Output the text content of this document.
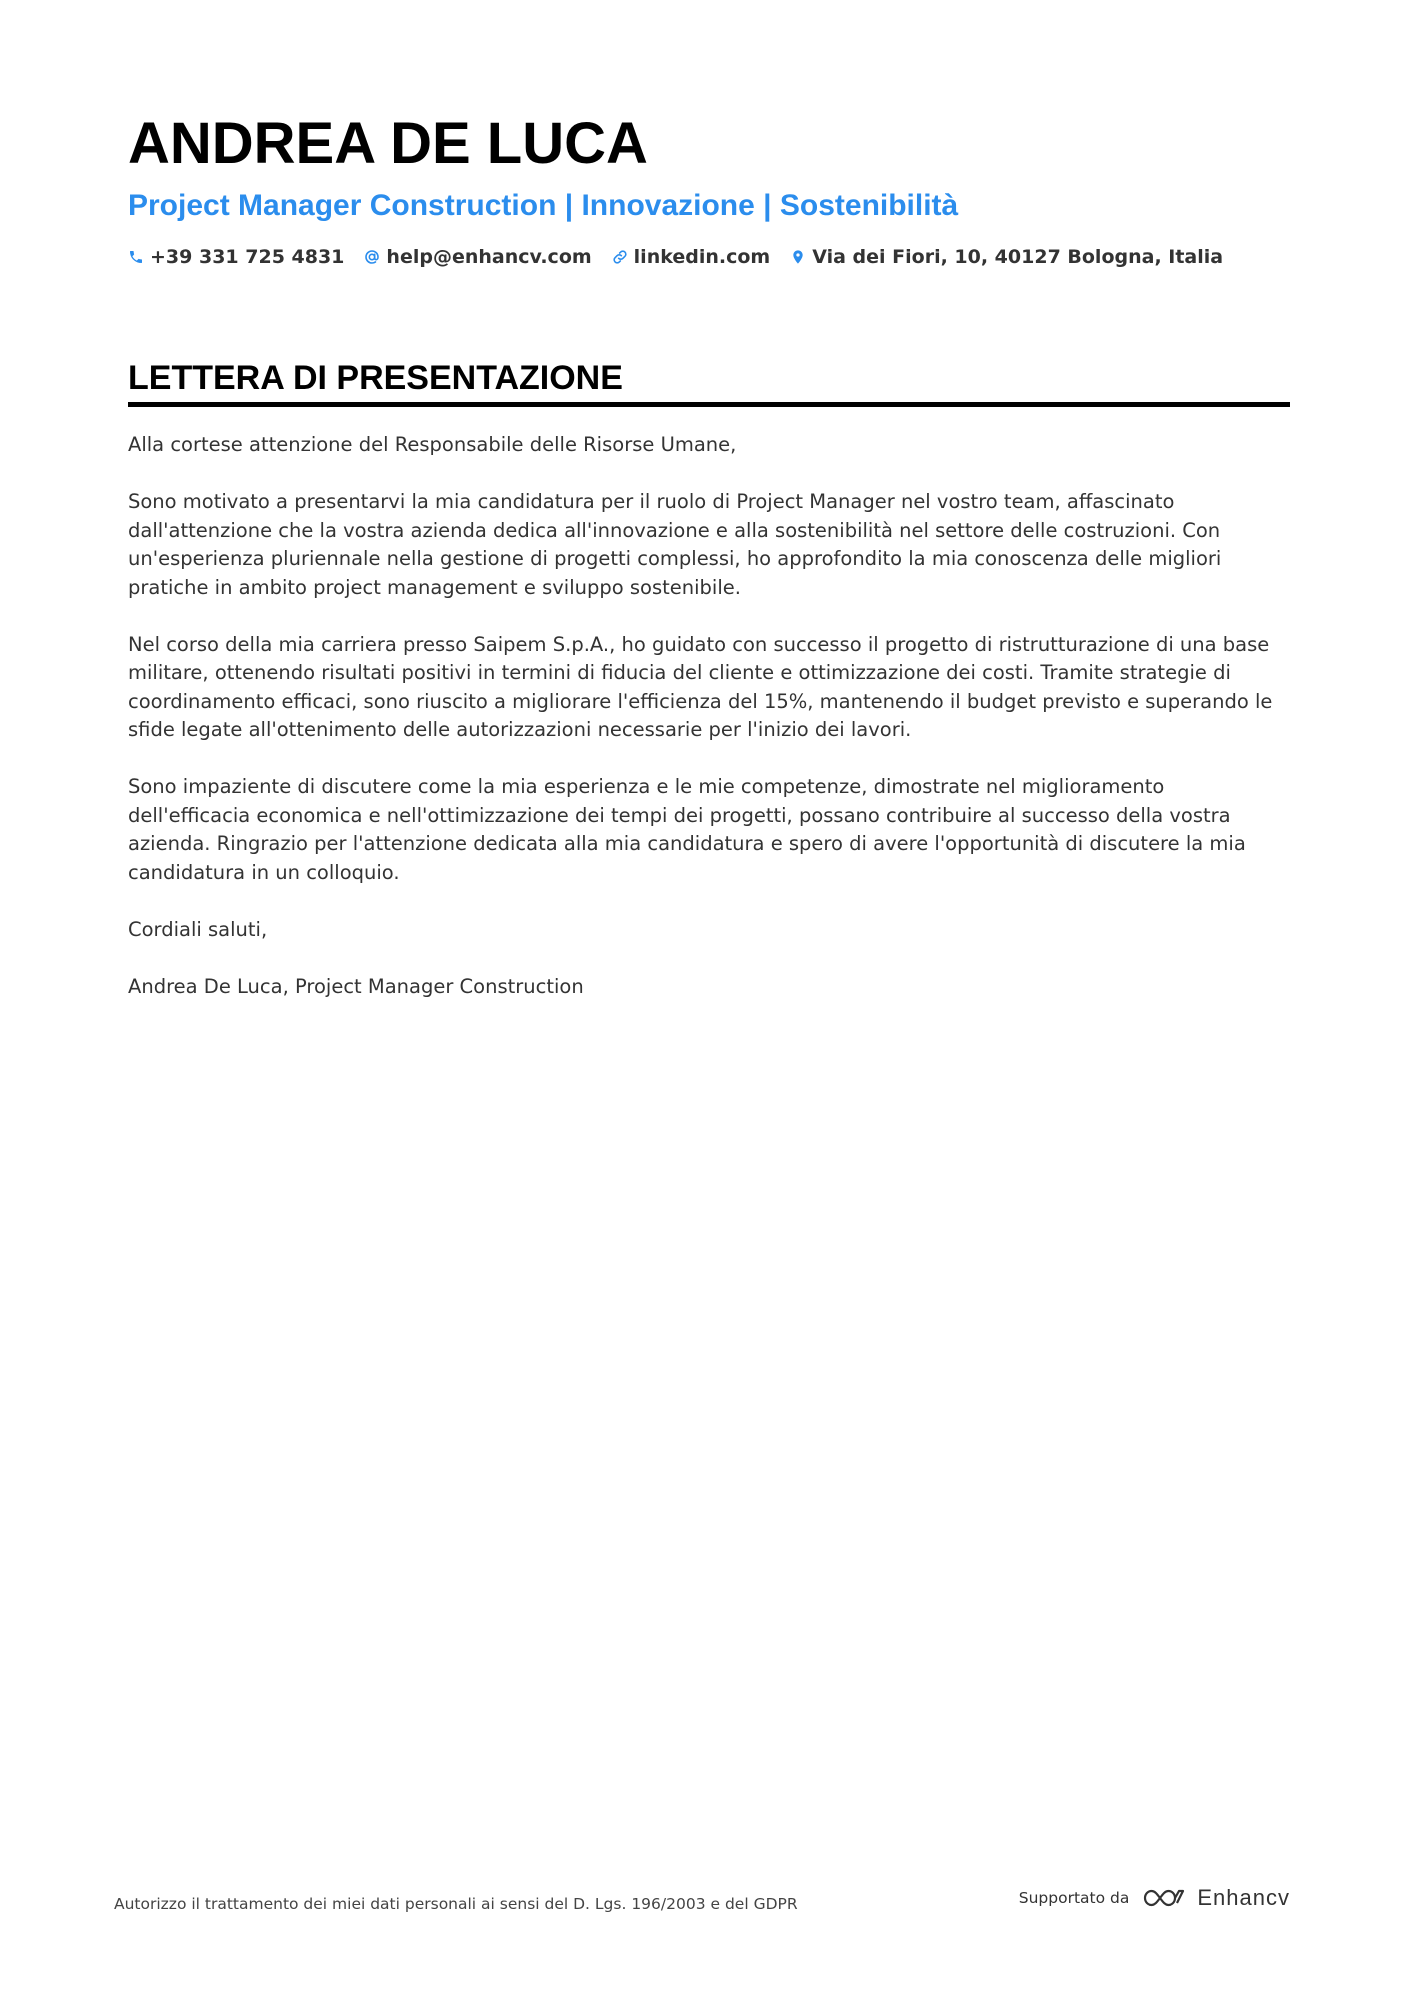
ANDREA DE LUCA
Project Manager Construction | Innovazione | Sostenibilità
+39 331 725 4831 help@enhancv.com linkedin.com Via dei Fiori, 10, 40127 Bologna, Italia
LETTERA DI PRESENTAZIONE

Alla cortese attenzione del Responsabile delle Risorse Umane,

Sono motivato a presentarvi la mia candidatura per il ruolo di Project Manager nel vostro team, affascinato dall'attenzione che la vostra azienda dedica all'innovazione e alla sostenibilità nel settore delle costruzioni. Con un'esperienza pluriennale nella gestione di progetti complessi, ho approfondito la mia conoscenza delle migliori pratiche in ambito project management e sviluppo sostenibile.

Nel corso della mia carriera presso Saipem S.p.A., ho guidato con successo il progetto di ristrutturazione di una base militare, ottenendo risultati positivi in termini di fiducia del cliente e ottimizzazione dei costi. Tramite strategie di coordinamento efficaci, sono riuscito a migliorare l'efficienza del 15%, mantenendo il budget previsto e superando le sfide legate all'ottenimento delle autorizzazioni necessarie per l'inizio dei lavori.

Sono impaziente di discutere come la mia esperienza e le mie competenze, dimostrate nel miglioramento dell'efficacia economica e nell'ottimizzazione dei tempi dei progetti, possano contribuire al successo della vostra azienda. Ringrazio per l'attenzione dedicata alla mia candidatura e spero di avere l'opportunità di discutere la mia candidatura in un colloquio.

Cordiali saluti,

Andrea De Luca, Project Manager Construction

Autorizzo il trattamento dei miei dati personali ai sensi del D. Lgs. 196/2003 e del GDPR	Supportato da	Enhancv
